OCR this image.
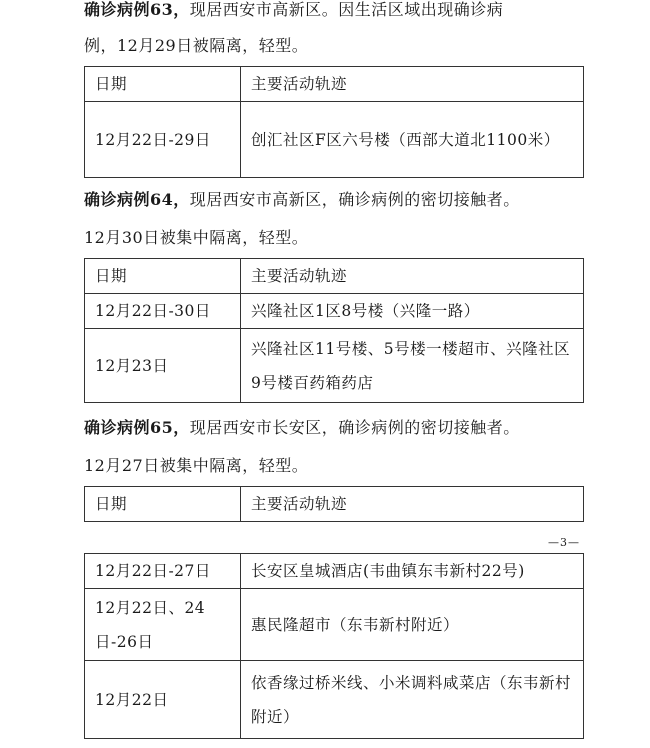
确诊病例63，现居西安市高新区。因生活区域出现确诊病
例，12月29日被隔离，轻型。
日期	主要活动轨迹
12月22日-29日	创汇社区F区六号楼（西部大道北1100米）
确诊病例64，现居西安市高新区，确诊病例的密切接触者。
12月30日被集中隔离，轻型。
日期	主要活动轨迹
12月22日-30日	兴隆社区1区8号楼（兴隆一路）
12月23日	兴隆社区11号楼、5号楼一楼超市、兴隆社区9号楼百药箱药店
确诊病例65，现居西安市长安区，确诊病例的密切接触者。
12月27日被集中隔离，轻型。
日期	主要活动轨迹
—3—
12月22日-27日	长安区皇城酒店(韦曲镇东韦新村22号)
12月22日、24日-26日	惠民隆超市（东韦新村附近）
12月22日	依香缘过桥米线、小米调料咸菜店（东韦新村附近）
